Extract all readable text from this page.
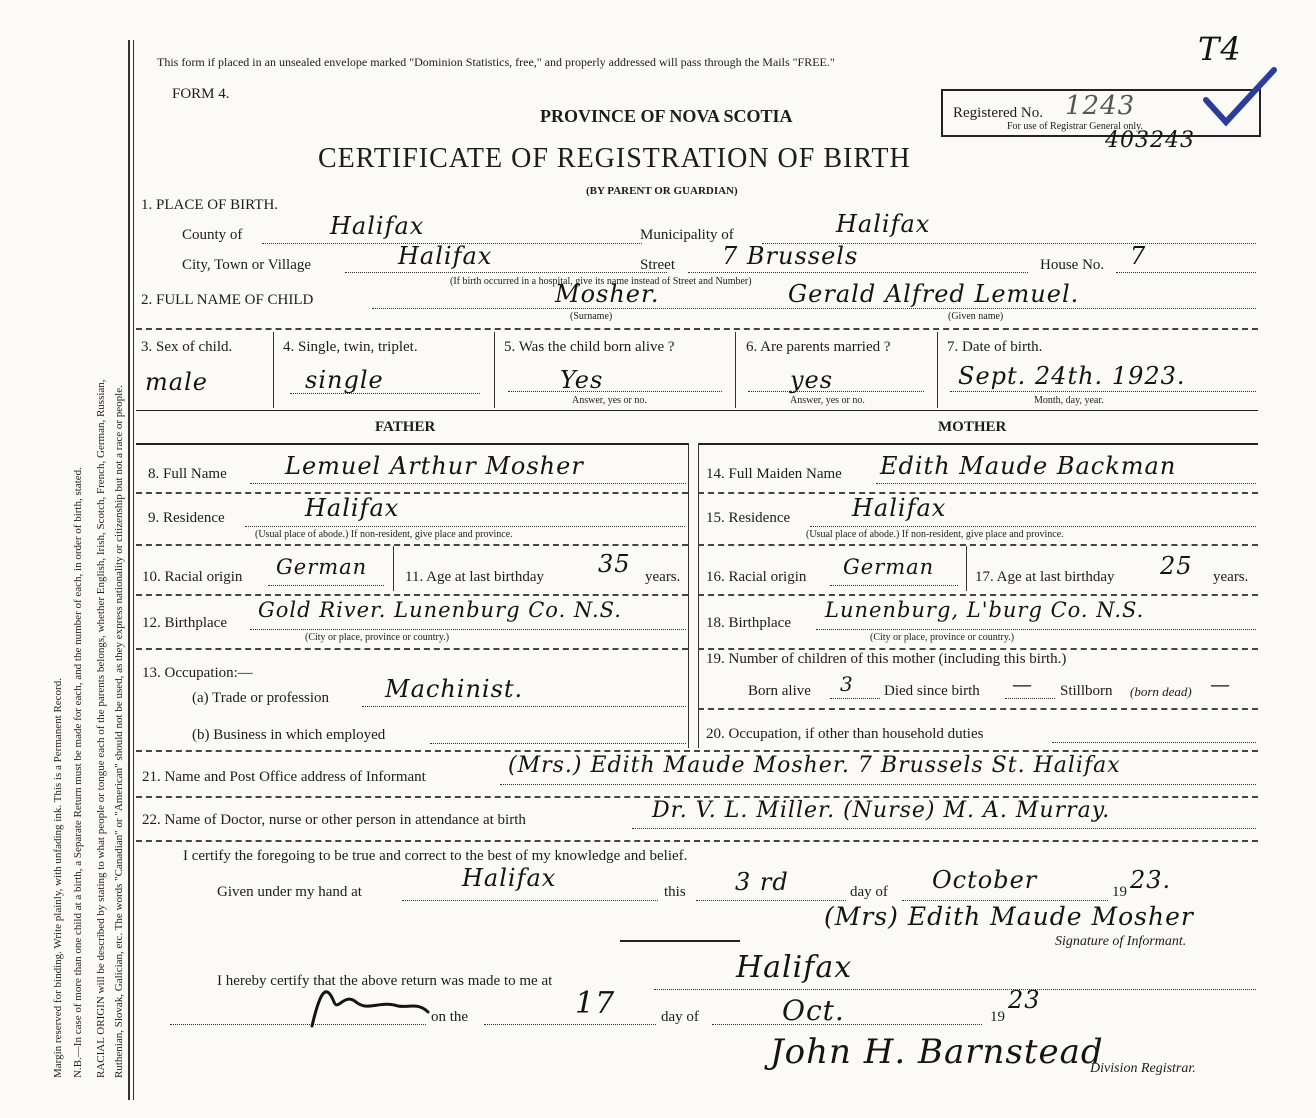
Margin reserved for binding. Write plainly, with unfading ink. This is a Permanent Record. N.B.—In case of more than one child at a birth, a Separate Return must be made for each, and the number of each, in order of birth, stated. RACIAL ORIGIN will be described by stating to what people or tongue each of the parents belongs, whether English, Irish, Scotch, French, German, Russian, Ruthenian, Slovak, Galician, etc. The words "Canadian" or "American" should not be used, as they express nationality or citizenship but not a race or people.
This form if placed in an unsealed envelope marked "Dominion Statistics, free," and properly addressed will pass through the Mails "FREE."
FORM 4.
PROVINCE OF NOVA SCOTIA
CERTIFICATE OF REGISTRATION OF BIRTH
(BY PARENT OR GUARDIAN)
Registered No. 1243
For use of Registrar General only.
T4
403243
1. PLACE OF BIRTH.
County of	Halifax	Municipality of	Halifax
City, Town or Village	Halifax	Street 7 Brussels	House No. 7
(If birth occurred in a hospital, give its name instead of Street and Number)
2. FULL NAME OF CHILD	Mosher.
(Surname)
Gerald Alfred Lemuel.
(Given name)
3. Sex of child.
male
4. Single, twin, triplet.
single
5. Was the child born alive ?
Yes
Answer, yes or no.
6. Are parents married ?
yes
Answer, yes or no.
7. Date of birth.
Sept. 24th. 1923.
Month, day, year.
FATHER	MOTHER
8. Full Name Lemuel Arthur Mosher
9. Residence	Halifax
(Usual place of abode.) If non-resident, give place and province.
10. Racial origin German	11. Age at last birthday 35 years.
12. Birthplace
Gold River. Lunenburg Co. N.S.
(City or place, province or country.)
13. Occupation:—
(a) Trade or profession Machinist.
(b) Business in which employed
14. Full Maiden Name Edith Maude Backman
15. Residence	Halifax
(Usual place of abode.) If non-resident, give place and province.
16. Racial origin German	17. Age at last birthday 25 years.
18. Birthplace
Lunenburg, L'burg Co. N.S.
(City or place, province or country.)
19. Number of children of this mother (including this birth.)
Born alive 3 Died since birth — Stillborn (born dead) —
20. Occupation, if other than household duties
21. Name and Post Office address of Informant	(Mrs.) Edith Maude Mosher. 7 Brussels St. Halifax
22. Name of Doctor, nurse or other person in attendance at birth	Dr. V. L. Miller. (Nurse) M. A. Murray.
I certify the foregoing to be true and correct to the best of my knowledge and belief.
Given under my hand at	Halifax	this 3 rd	day of October	19 23.
(Mrs) Edith Maude Mosher
Signature of Informant.
I hereby certify that the above return was made to me at	Halifax
on the	17	day of	Oct.	19
23
John H. Barnstead
Division Registrar.
